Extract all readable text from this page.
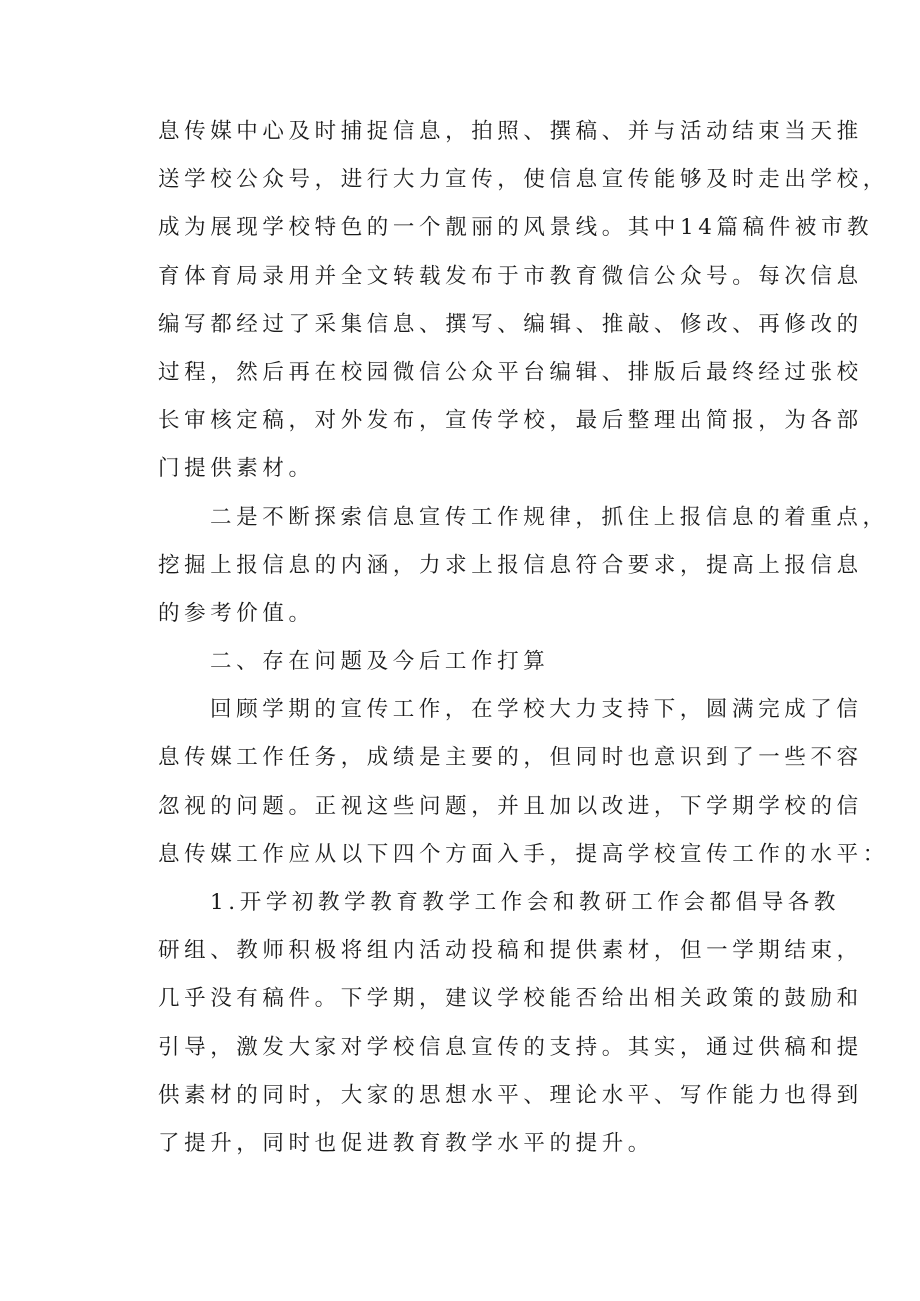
息传媒中心及时捕捉信息，拍照、撰稿、并与活动结束当天推
送学校公众号，进行大力宣传，使信息宣传能够及时走出学校，
成为展现学校特色的一个靓丽的风景线。其中14篇稿件被市教
育体育局录用并全文转载发布于市教育微信公众号。每次信息
编写都经过了采集信息、撰写、编辑、推敲、修改、再修改的
过程，然后再在校园微信公众平台编辑、排版后最终经过张校
长审核定稿，对外发布，宣传学校，最后整理出简报，为各部
门提供素材。
二是不断探索信息宣传工作规律，抓住上报信息的着重点，
挖掘上报信息的内涵，力求上报信息符合要求，提高上报信息
的参考价值。
二、存在问题及今后工作打算
回顾学期的宣传工作，在学校大力支持下，圆满完成了信
息传媒工作任务，成绩是主要的，但同时也意识到了一些不容
忽视的问题。正视这些问题，并且加以改进，下学期学校的信
息传媒工作应从以下四个方面入手，提高学校宣传工作的水平：
1.开学初教学教育教学工作会和教研工作会都倡导各教
研组、教师积极将组内活动投稿和提供素材，但一学期结束，
几乎没有稿件。下学期，建议学校能否给出相关政策的鼓励和
引导，激发大家对学校信息宣传的支持。其实，通过供稿和提
供素材的同时，大家的思想水平、理论水平、写作能力也得到
了提升，同时也促进教育教学水平的提升。
